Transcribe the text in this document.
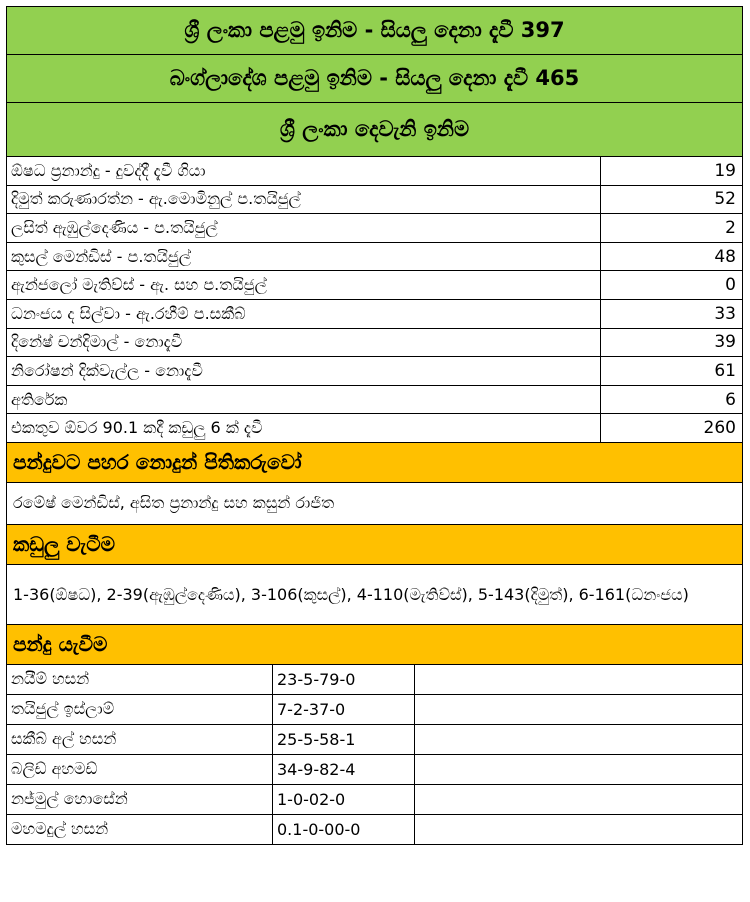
ශ්‍රී ලංකා පළමු ඉනිම - සියලු දෙනා දැවී 397			
බංග්ලාදේශ පළමු ඉනිම - සියලු දෙනා දැවී 465			
ශ්‍රී ලංකා දෙවැනි ඉනිම			
ඕෂධ ප්‍රනාන්දු - දුවද්දී දැවී ගියා			19
දිමුත් කරුණාරත්න - ඇ.මොමිනුල් ප.තයිජුල්			52
ලසිත් ඇඹුල්දෙණිය - ප.තයිජුල්			2
කුසල් මෙන්ඩිස් - ප.තයිජුල්			48
ඇන්ජලෝ මැතිව්ස් - ඇ. සහ ප.තයිජුල්			0
ධනංජය ද සිල්වා - ඇ.රහීම් ප.සකීබ්			33
දිනේෂ් චන්දිමාල් - නොදැවී			39
නිරෝෂන් දික්වැල්ල - නොදැවී			61
අතිරේක			6
එකතුව ඕවර 90.1 කදී කඩුලු 6 ක් දැවී			260
පන්දුවට පහර නොදුන් පිතිකරුවෝ			
රමේෂ් මෙන්ඩිස්, අසිත ප්‍රනාන්දු සහ කසුන් රාජිත			
කඩුලු වැටීම			
1-36(ඕෂධ), 2-39(ඇඹුල්දෙණිය), 3-106(කුසල්), 4-110(මැතිව්ස්), 5-143(දිමුත්), 6-161(ධනංජය)			
පන්දු යැවීම			
නයීම් හසන්	23-5-79-0		
තයිජුල් ඉස්ලාම්	7-2-37-0		
සකීබ් අල් හසන්	25-5-58-1		
බලිඩ් අහමඩ්	34-9-82-4		
නජ්මුල් හොසේන්	1-0-02-0		
මහමදුල් හසන්	0.1-0-00-0		
